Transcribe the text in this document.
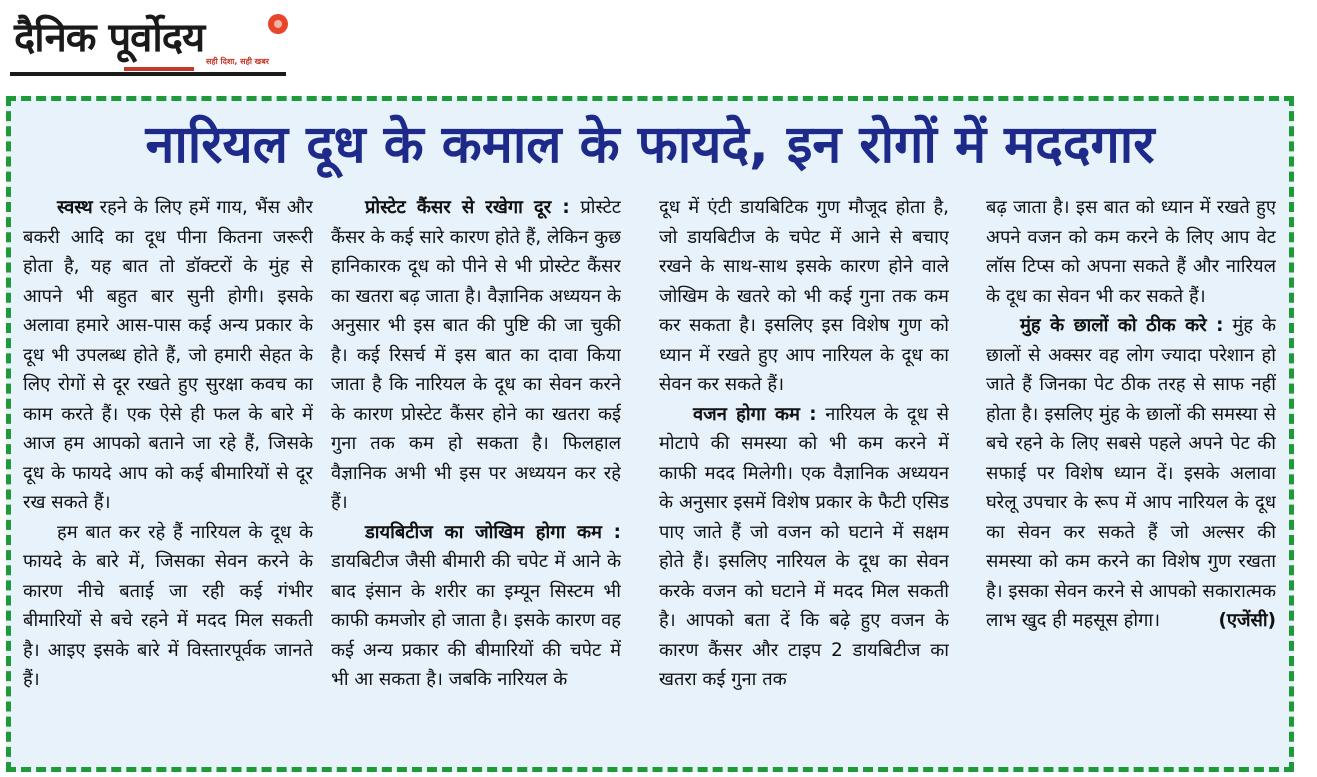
दैनिक पूर्वोदय
सही दिशा, सही खबर
नारियल दूध के कमाल के फायदे, इन रोगों में मददगार

स्वस्थ रहने के लिए हमें गाय, भैंस और बकरी आदि का दूध पीना कितना जरूरी होता है, यह बात तो डॉक्टरों के मुंह से आपने भी बहुत बार सुनी होगी। इसके अलावा हमारे आस-पास कई अन्य प्रकार के दूध भी उपलब्ध होते हैं, जो हमारी सेहत के लिए रोगों से दूर रखते हुए सुरक्षा कवच का काम करते हैं। एक ऐसे ही फल के बारे में आज हम आपको बताने जा रहे हैं, जिसके दूध के फायदे आप को कई बीमारियों से दूर रख सकते हैं।

हम बात कर रहे हैं नारियल के दूध के फायदे के बारे में, जिसका सेवन करने के कारण नीचे बताई जा रही कई गंभीर बीमारियों से बचे रहने में मदद मिल सकती है। आइए इसके बारे में विस्तारपूर्वक जानते हैं।

प्रोस्टेट कैंसर से रखेगा दूर : प्रोस्टेट कैंसर के कई सारे कारण होते हैं, लेकिन कुछ हानिकारक दूध को पीने से भी प्रोस्टेट कैंसर का खतरा बढ़ जाता है। वैज्ञानिक अध्ययन के अनुसार भी इस बात की पुष्टि की जा चुकी है। कई रिसर्च में इस बात का दावा किया जाता है कि नारियल के दूध का सेवन करने के कारण प्रोस्टेट कैंसर होने का खतरा कई गुना तक कम हो सकता है। फिलहाल वैज्ञानिक अभी भी इस पर अध्ययन कर रहे हैं।

डायबिटीज का जोखिम होगा कम : डायबिटीज जैसी बीमारी की चपेट में आने के बाद इंसान के शरीर का इम्यून सिस्टम भी काफी कमजोर हो जाता है। इसके कारण वह कई अन्य प्रकार की बीमारियों की चपेट में भी आ सकता है। जबकि नारियल के

दूध में एंटी डायबिटिक गुण मौजूद होता है, जो डायबिटीज के चपेट में आने से बचाए रखने के साथ-साथ इसके कारण होने वाले जोखिम के खतरे को भी कई गुना तक कम कर सकता है। इसलिए इस विशेष गुण को ध्यान में रखते हुए आप नारियल के दूध का सेवन कर सकते हैं।

वजन होगा कम : नारियल के दूध से मोटापे की समस्या को भी कम करने में काफी मदद मिलेगी। एक वैज्ञानिक अध्ययन के अनुसार इसमें विशेष प्रकार के फैटी एसिड पाए जाते हैं जो वजन को घटाने में सक्षम होते हैं। इसलिए नारियल के दूध का सेवन करके वजन को घटाने में मदद मिल सकती है। आपको बता दें कि बढ़े हुए वजन के कारण कैंसर और टाइप 2 डायबिटीज का खतरा कई गुना तक

बढ़ जाता है। इस बात को ध्यान में रखते हुए अपने वजन को कम करने के लिए आप वेट लॉस टिप्स को अपना सकते हैं और नारियल के दूध का सेवन भी कर सकते हैं।

मुंह के छालों को ठीक करे : मुंह के छालों से अक्सर वह लोग ज्यादा परेशान हो जाते हैं जिनका पेट ठीक तरह से साफ नहीं होता है। इसलिए मुंह के छालों की समस्या से बचे रहने के लिए सबसे पहले अपने पेट की सफाई पर विशेष ध्यान दें। इसके अलावा घरेलू उपचार के रूप में आप नारियल के दूध का सेवन कर सकते हैं जो अल्सर की समस्या को कम करने का विशेष गुण रखता है। इसका सेवन करने से आपको सकारात्मक लाभ खुद ही महसूस होगा।	(एजेंसी)
